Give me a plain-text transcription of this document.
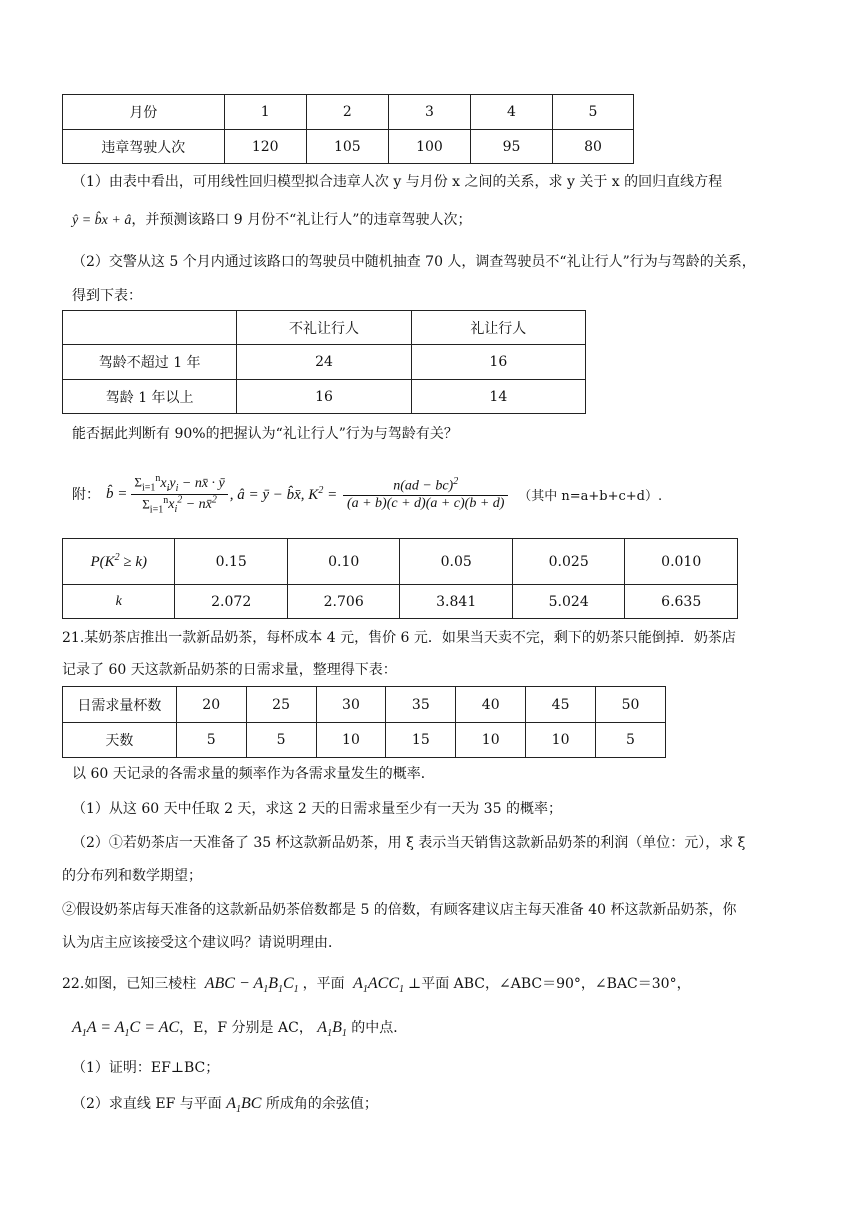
月份	1	2	3	4	5
违章驾驶人次	120	105	100	95	80
（1）由表中看出，可用线性回归模型拟合违章人次 y 与月份 x 之间的关系，求 y 关于 x 的回归直线方程
ŷ = b̂x + â，并预测该路口 9 月份不“礼让行人”的违章驾驶人次；
（2）交警从这 5 个月内通过该路口的驾驶员中随机抽查 70 人，调查驾驶员不“礼让行人”行为与驾龄的关系，
得到下表：
	不礼让行人	礼让行人
驾龄不超过 1 年	24	16
驾龄 1 年以上	16	14
能否据此判断有 90%的把握认为“礼让行人”行为与驾龄有关？
附： b̂ = $\frac{\Sigma_{i=1}^nx_iy_i - nx̄ \cdot ȳ}{\Sigma_{i=1}^nx_i^2 - nx̄^2}$ , â = ȳ − b̂x̄, $K^2 = \frac{n(ad - bc)^2}{(a + b)(c + d)(a + c)(b + d)}$ （其中 n=a+b+c+d）.
$P(K^2 \ge k)$	0.15	0.10	0.05	0.025	0.010
k	2.072	2.706	3.841	5.024	6.635
21.某奶茶店推出一款新品奶茶，每杯成本 4 元，售价 6 元．如果当天卖不完，剩下的奶茶只能倒掉．奶茶店
记录了 60 天这款新品奶茶的日需求量，整理得下表：
日需求量杯数	20	25	30	35	40	45	50
天数	5	5	10	15	10	10	5
以 60 天记录的各需求量的频率作为各需求量发生的概率．
（1）从这 60 天中任取 2 天，求这 2 天的日需求量至少有一天为 35 的概率；
（2）①若奶茶店一天准备了 35 杯这款新品奶茶，用 ξ 表示当天销售这款新品奶茶的利润（单位：元），求 ξ
的分布列和数学期望；
②假设奶茶店每天准备的这款新品奶茶倍数都是 5 的倍数，有顾客建议店主每天准备 40 杯这款新品奶茶，你
认为店主应该接受这个建议吗？请说明理由．
22.如图，已知三棱柱 ABC − $A_1B_1C_1$ ，平面 $A_1ACC_1$ ⊥平面 ABC，∠ABC＝90°，∠BAC＝30°，
$A_1A = A_1C$ = AC，E，F 分别是 AC， $A_1B_1$ 的中点．
（1）证明：EF⊥BC；
（2）求直线 EF 与平面 $A_1BC$ 所成角的余弦值；
